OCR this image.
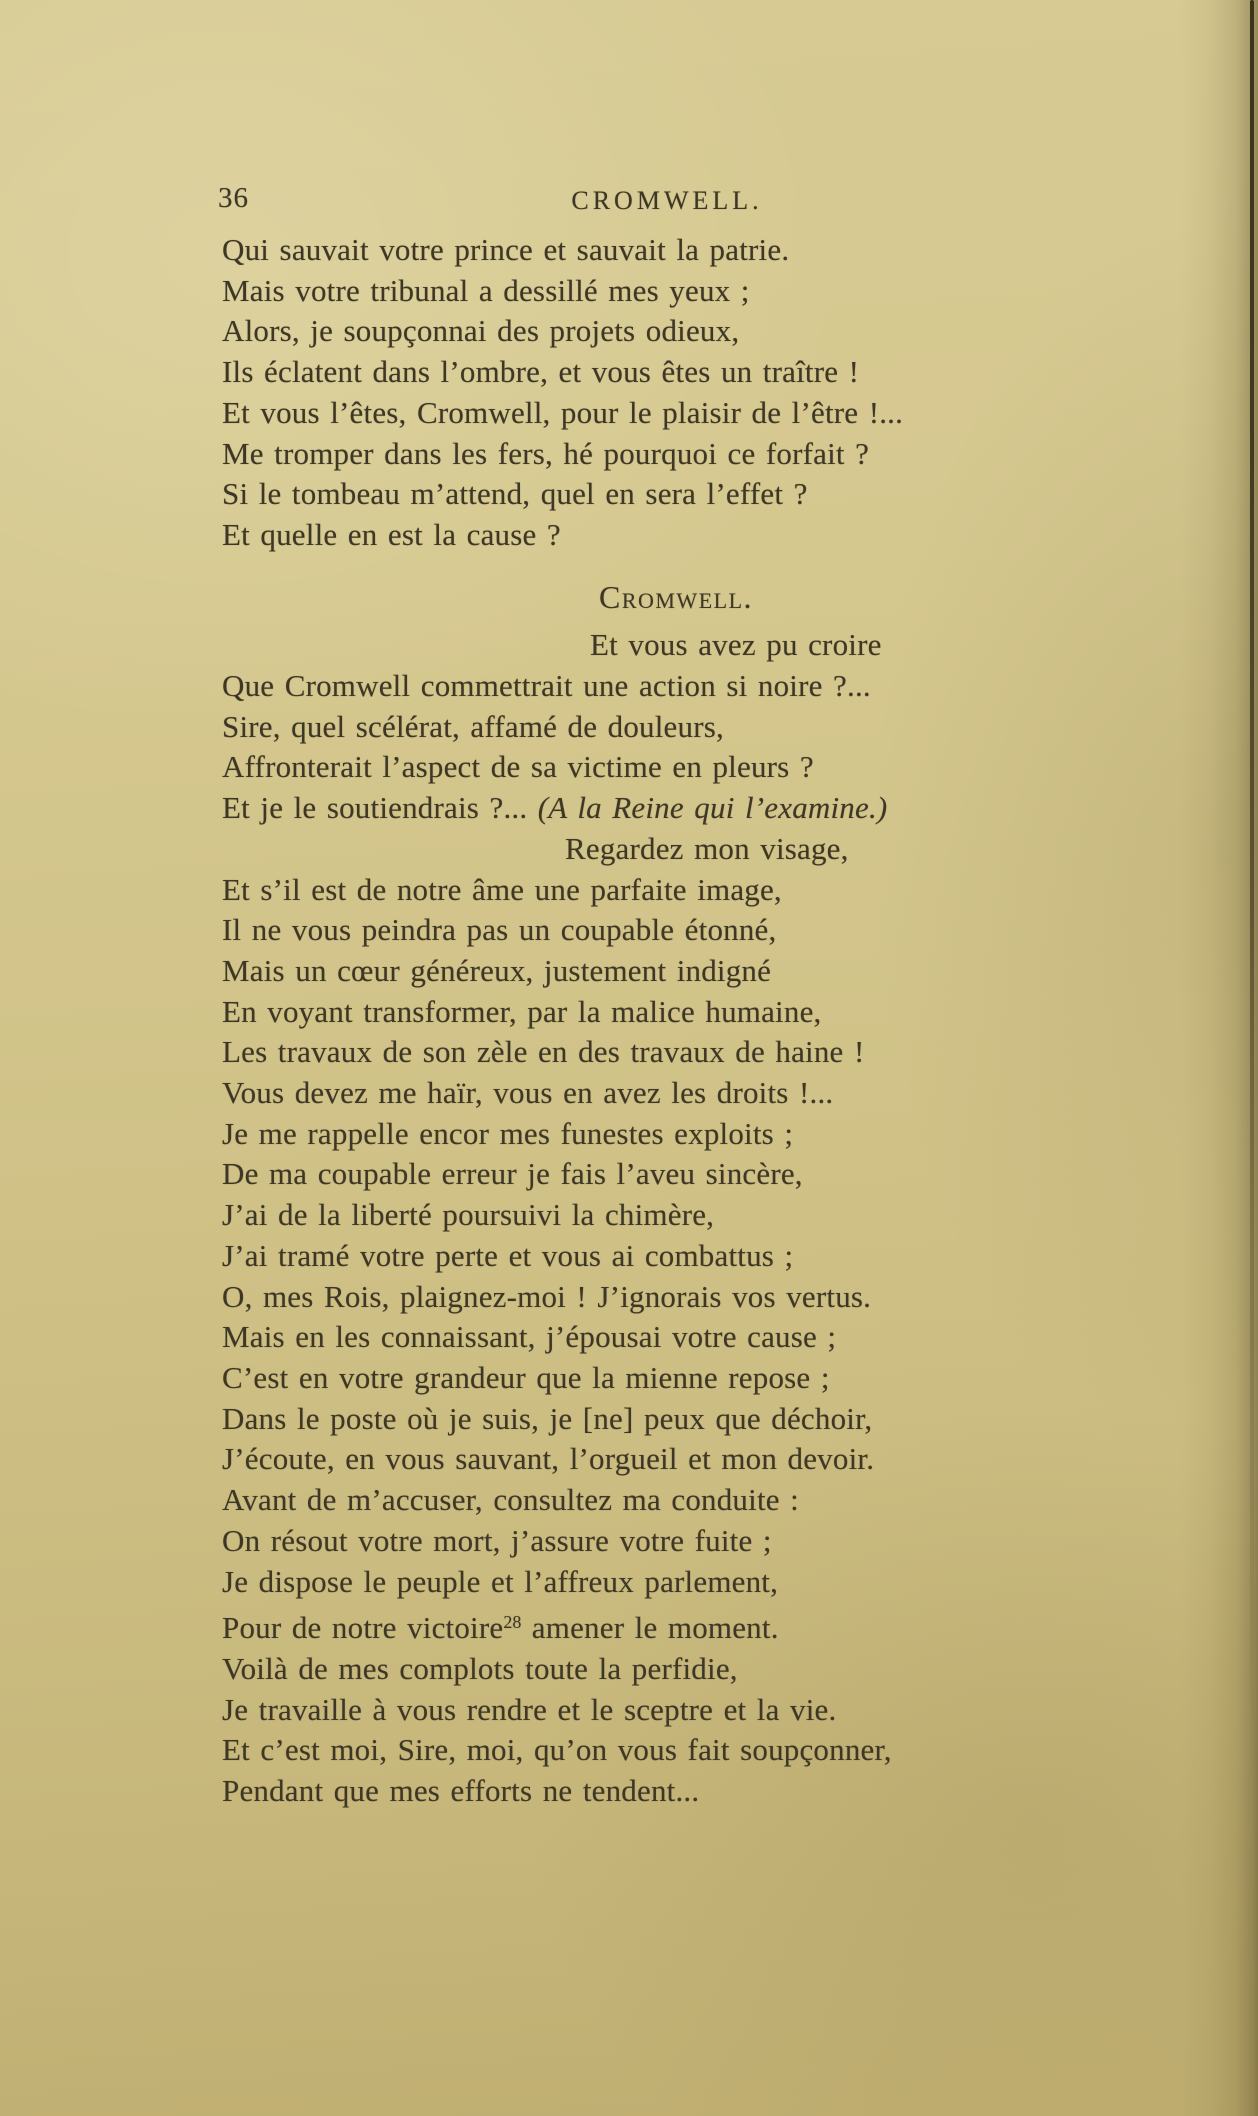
36	CROMWELL.
Qui sauvait votre prince et sauvait la patrie.
Mais votre tribunal a dessillé mes yeux ;
Alors, je soupçonnai des projets odieux,
Ils éclatent dans l’ombre, et vous êtes un traître !
Et vous l’êtes, Cromwell, pour le plaisir de l’être !...
Me tromper dans les fers, hé pourquoi ce forfait ?
Si le tombeau m’attend, quel en sera l’effet ?
Et quelle en est la cause ?
Cromwell.
Et vous avez pu croire
Que Cromwell commettrait une action si noire ?...
Sire, quel scélérat, affamé de douleurs,
Affronterait l’aspect de sa victime en pleurs ?
Et je le soutiendrais ?... (A la Reine qui l’examine.)
Regardez mon visage,
Et s’il est de notre âme une parfaite image,
Il ne vous peindra pas un coupable étonné,
Mais un cœur généreux, justement indigné
En voyant transformer, par la malice humaine,
Les travaux de son zèle en des travaux de haine !
Vous devez me haïr, vous en avez les droits !...
Je me rappelle encor mes funestes exploits ;
De ma coupable erreur je fais l’aveu sincère,
J’ai de la liberté poursuivi la chimère,
J’ai tramé votre perte et vous ai combattus ;
O, mes Rois, plaignez-moi ! J’ignorais vos vertus.
Mais en les connaissant, j’épousai votre cause ;
C’est en votre grandeur que la mienne repose ;
Dans le poste où je suis, je [ne] peux que déchoir,
J’écoute, en vous sauvant, l’orgueil et mon devoir.
Avant de m’accuser, consultez ma conduite :
On résout votre mort, j’assure votre fuite ;
Je dispose le peuple et l’affreux parlement,
Pour de notre victoire$^{28}$ amener le moment.
Voilà de mes complots toute la perfidie,
Je travaille à vous rendre et le sceptre et la vie.
Et c’est moi, Sire, moi, qu’on vous fait soupçonner,
Pendant que mes efforts ne tendent...
